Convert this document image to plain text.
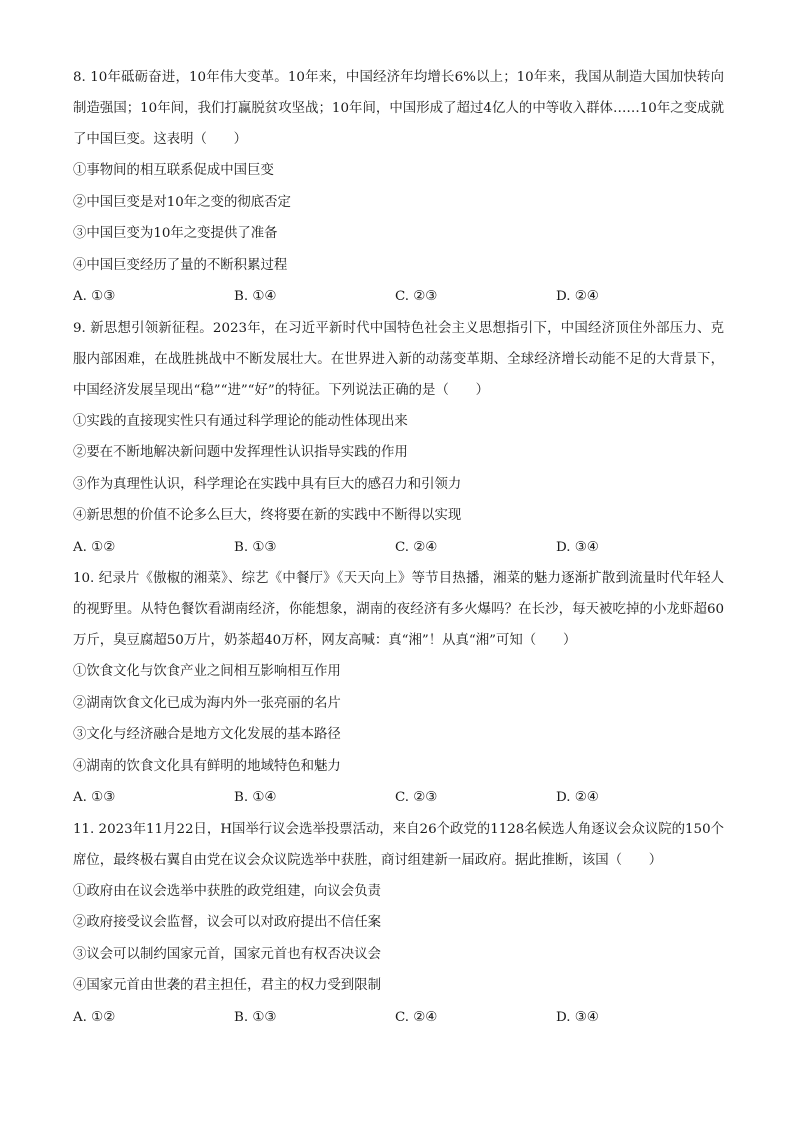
8. 10年砥砺奋进，10年伟大变革。10年来，中国经济年均增长6%以上；10年来，我国从制造大国加快转向制造强国；10年间，我们打赢脱贫攻坚战；10年间，中国形成了超过4亿人的中等收入群体……10年之变成就了中国巨变。这表明（　　）

①事物间的相互联系促成中国巨变

②中国巨变是对10年之变的彻底否定

③中国巨变为10年之变提供了准备

④中国巨变经历了量的不断积累过程

A. ①③	B. ①④	C. ②③	D. ②④

9. 新思想引领新征程。2023年，在习近平新时代中国特色社会主义思想指引下，中国经济顶住外部压力、克服内部困难，在战胜挑战中不断发展壮大。在世界进入新的动荡变革期、全球经济增长动能不足的大背景下，中国经济发展呈现出“稳”“进”“好”的特征。下列说法正确的是（　　）

①实践的直接现实性只有通过科学理论的能动性体现出来

②要在不断地解决新问题中发挥理性认识指导实践的作用

③作为真理性认识，科学理论在实践中具有巨大的感召力和引领力

④新思想的价值不论多么巨大，终将要在新的实践中不断得以实现

A. ①②	B. ①③	C. ②④	D. ③④

10. 纪录片《傲椒的湘菜》、综艺《中餐厅》《天天向上》等节目热播，湘菜的魅力逐渐扩散到流量时代年轻人的视野里。从特色餐饮看湖南经济，你能想象，湖南的夜经济有多火爆吗？在长沙，每天被吃掉的小龙虾超60万斤，臭豆腐超50万片，奶茶超40万杯，网友高喊：真“湘”！从真“湘”可知（　　）

①饮食文化与饮食产业之间相互影响相互作用

②湖南饮食文化已成为海内外一张亮丽的名片

③文化与经济融合是地方文化发展的基本路径

④湖南的饮食文化具有鲜明的地域特色和魅力

A. ①③	B. ①④	C. ②③	D. ②④

11. 2023年11月22日，H国举行议会选举投票活动，来自26个政党的1128名候选人角逐议会众议院的150个席位，最终极右翼自由党在议会众议院选举中获胜，商讨组建新一届政府。据此推断，该国（　　）

①政府由在议会选举中获胜的政党组建，向议会负责

②政府接受议会监督，议会可以对政府提出不信任案

③议会可以制约国家元首，国家元首也有权否决议会

④国家元首由世袭的君主担任，君主的权力受到限制

A. ①②	B. ①③	C. ②④	D. ③④
